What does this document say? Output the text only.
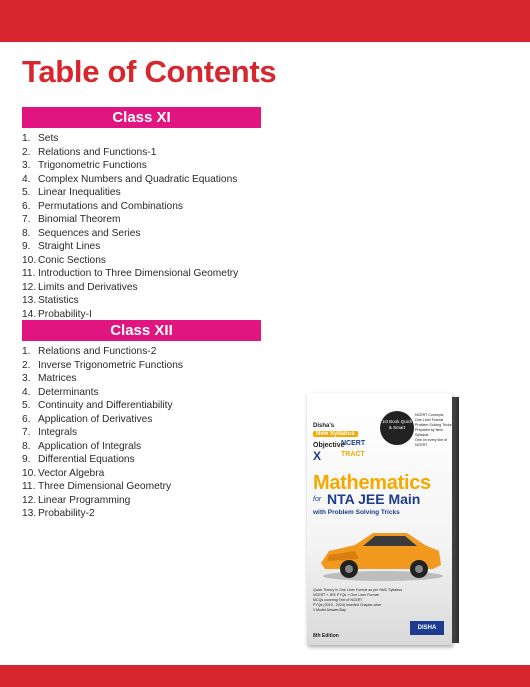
Table of Contents
Class XI
1. Sets
2. Relations and Functions-1
3. Trigonometric Functions
4. Complex Numbers and Quadratic Equations
5. Linear Inequalities
6. Permutations and Combinations
7. Binomial Theorem
8. Sequences and Series
9. Straight Lines
10. Conic Sections
11. Introduction to Three Dimensional Geometry
12. Limits and Derivatives
13. Statistics
14. Probability-I
Class XII
1. Relations and Functions-2
2. Inverse Trigonometric Functions
3. Matrices
4. Determinants
5. Continuity and Differentiability
6. Application of Derivatives
7. Integrals
8. Application of Integrals
9. Differential Equations
10. Vector Algebra
11. Three Dimensional Geometry
12. Linear Programming
13. Probability-2
Disha's
New Syllabus
Objective
NCERT
X	TRACT
1st Book Quick & Smart
NCERT Concepts
One Liner Format
Problem Solving Tricks
Prepared by New Syllabus
One on every line of NCERT
Mathematics
for NTA JEE Main
with Problem Solving Tricks
Quick Theory in One Liner Format as per NMC Syllabus
NCERT + JEE PYQs + One Liner Format
MCQs covering Text of NCERT
PYQs (2019 - 2024) Inserted Chapter-wise
1 Model Answer/Day
8th Edition
DISHA
